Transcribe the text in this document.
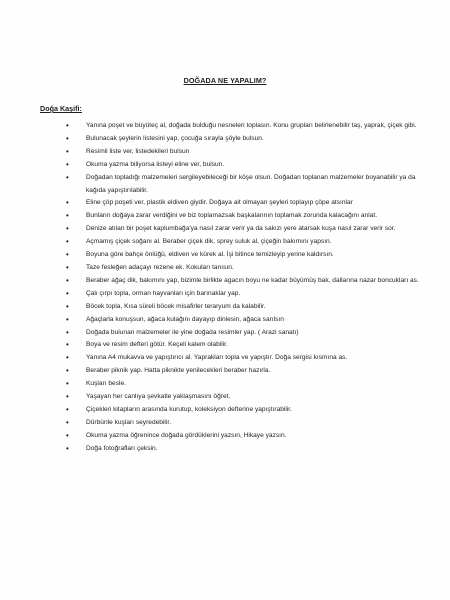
DOĞADA NE YAPALIM?
Doğa Kaşifi:
•	Yanına poşet ve büyüteç al, doğada bulduğu nesneleri toplasın. Konu grupları belirlenebilir taş, yaprak, çiçek gibi.
•	Bulunacak şeylerin listesini yap, çocuğa sırayla şöyle bulsun.
•	Resimli liste ver, listedekileri bulsun
•	Okuma yazma biliyorsa listeyi eline ver, bulsun.
•	Doğadan topladığı malzemeleri sergileyebileceği bir köşe olsun. Doğadan toplanan malzemeler boyanabilir ya da kağıda yapıştırılabilir.
•	Eline çöp poşeti ver, plastik eldiven giydir. Doğaya ait olmayan şeyleri toplayıp çöpe atsınlar
•	Bunların doğaya zarar verdiğini ve biz toplamazsak başkalarının toplamak zorunda kalacağını anlat.
•	Denize atılan bir poşet kaplumbağa'ya nasıl zarar verir ya da sakızı yere atarsak kuşa nasıl zarar verir sor.
•	Açmamış çiçek soğanı al. Beraber çiçek dik, sprey suluk al, çiçeğin bakımını yapsın.
•	Boyuna göre bahçe önlüğü, eldiven ve kürek al. İşi bitince temizleyip yerine kaldırsın.
•	Taze fesleğen adaçayı rezene ek. Kokuları tanısın.
•	Beraber ağaç dik, bakımını yap, bizimle birlikte agacın boyu ne kadar büyümüş bak, dallarına nazar boncukları as.
•	Çalı çırpı topla, orman hayvanları için barınaklar yap.
•	Böcek topla, Kısa süreli böcek misafirler teraryum da kalabilir.
•	Ağaçlarla konuşsun, ağaca kulağını dayayıp dinlesin, ağaca sarılsın
•	Doğada bulunan malzemeler ile yine doğada resimler yap. ( Arazi sanatı)
•	Boya ve resim defteri götür. Keçeli kalem olabilir.
•	Yanına A4 mukavva ve yapıştırıcı al. Yaprakları topla ve yapıştır. Doğa sergisi kısmına as.
•	Beraber piknik yap. Hatta piknikte yenilecekleri beraber hazırla.
•	Kuşları besle.
•	Yaşayan her canlıya şevkatle yaklaşmasını öğret.
•	Çiçekleri kitapların arasında kurutup, koleksiyon defterine yapıştırabilir.
•	Dürbünle kuşları seyredebilir.
•	Okuma yazma öğrenince doğada gördüklerini yazsın, Hikaye yazsın.
•	Doğa fotoğrafları çeksin.
